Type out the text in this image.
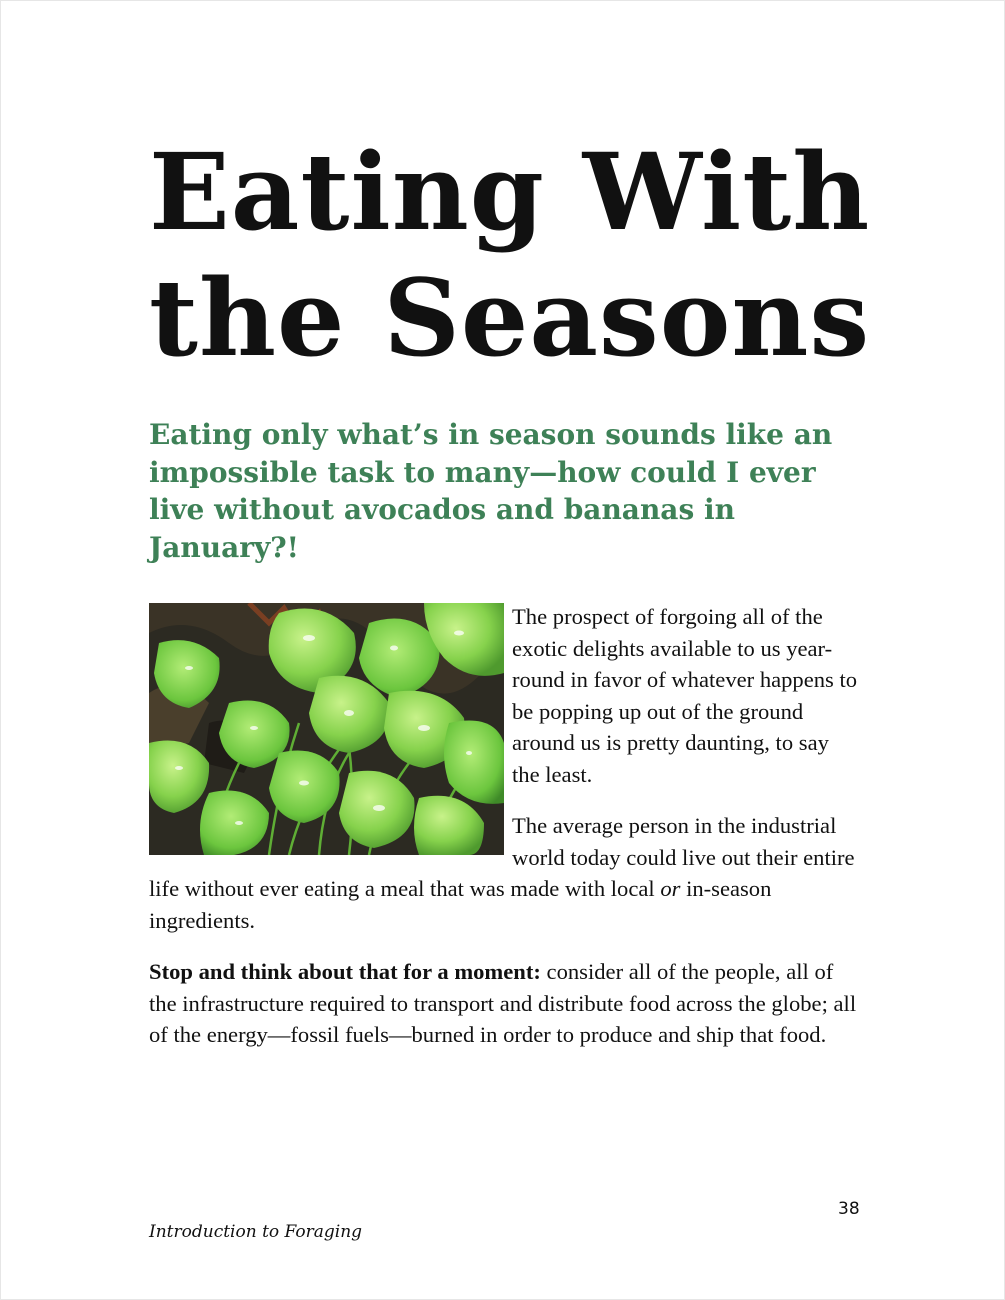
Eating With
the Seasons

Eating only what’s in season sounds like an impossible task to many—how could I ever live without avocados and bananas in January?!

The prospect of forgoing all of the exotic delights available to us year-round in favor of whatever happens to be popping up out of the ground around us is pretty daunting, to say the least.

The average person in the industrial world today could live out their entire life without ever eating a meal that was made with local or in-season ingredients.

Stop and think about that for a moment: consider all of the people, all of the infrastructure required to transport and distribute food across the globe; all of the energy—fossil fuels—burned in order to produce and ship that food.

38
Introduction to Foraging
